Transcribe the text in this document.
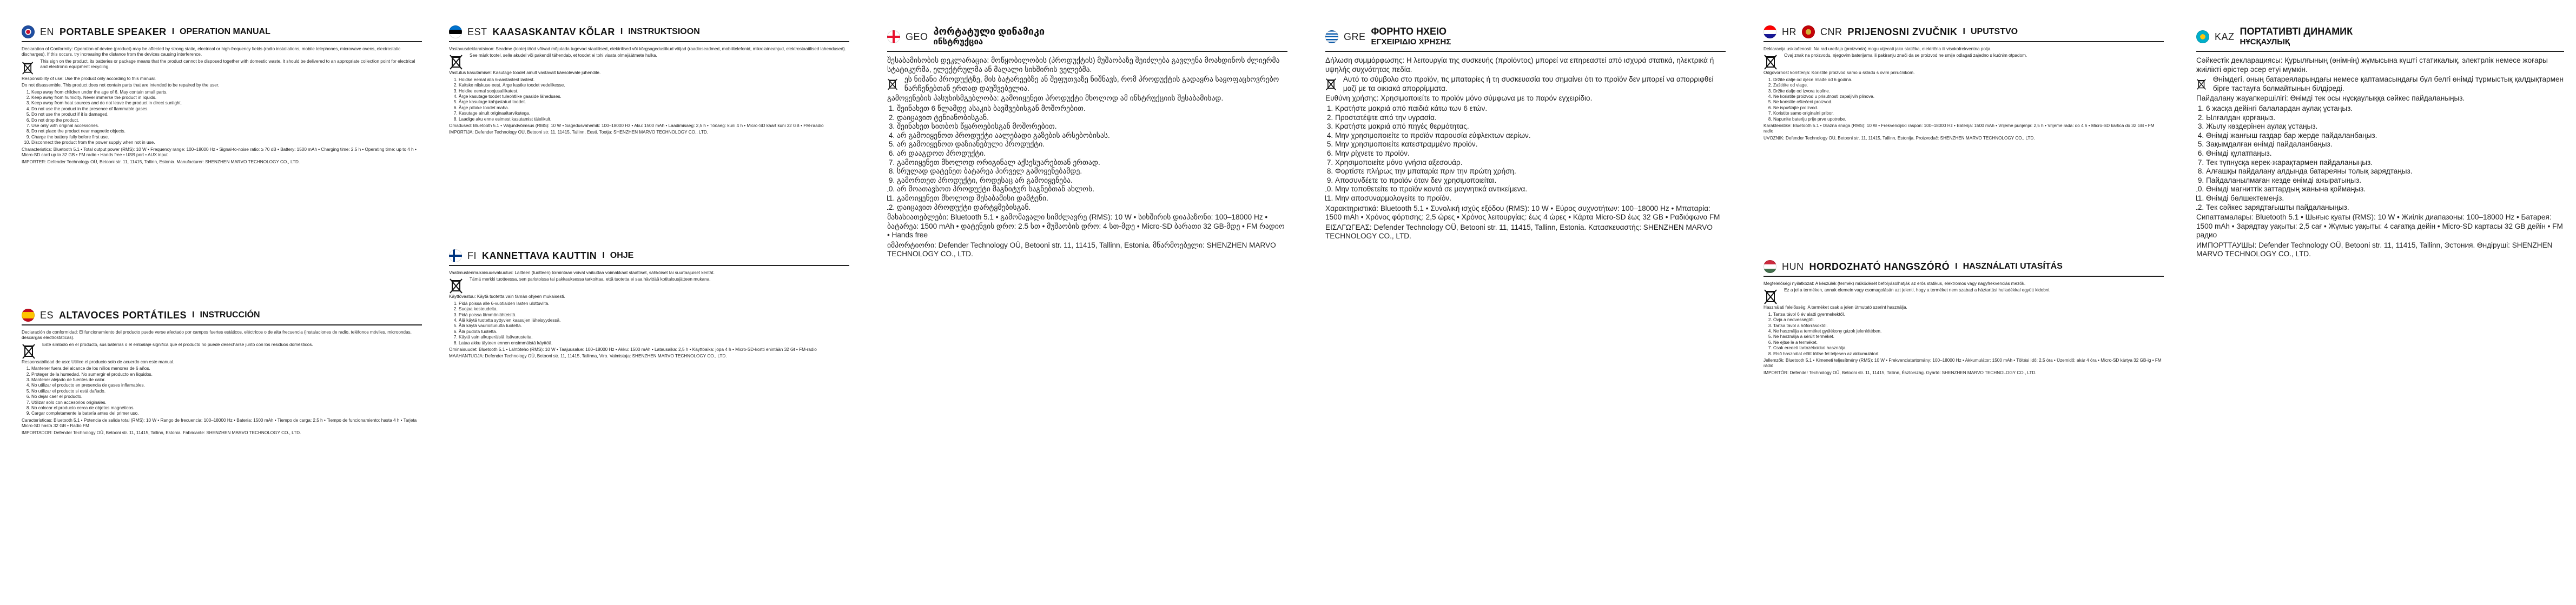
EN PORTABLE SPEAKER I OPERATION MANUAL

Declaration of Conformity: Operation of device (product) may be affected by strong static, electrical or high-frequency fields (radio installations, mobile telephones, microwave ovens, electrostatic discharges). If this occurs, try increasing the distance from the devices causing interference.

This sign on the product, its batteries or package means that the product cannot be disposed together with domestic waste. It should be delivered to an appropriate collection point for electrical and electronic equipment recycling.

Responsibility of use: Use the product only according to this manual.

Do not disassemble. This product does not contain parts that are intended to be repaired by the user.

1. Keep away from children under the age of 6. May contain small parts.
2. Keep away from humidity. Never immerse the product in liquids.
3. Keep away from heat sources and do not leave the product in direct sunlight.
4. Do not use the product in the presence of flammable gases.
5. Do not use the product if it is damaged.
6. Do not drop the product.
7. Use only with original accessories.
8. Do not place the product near magnetic objects.
9. Charge the battery fully before first use.
10. Disconnect the product from the power supply when not in use.

Characteristics: Bluetooth 5.1 • Total output power (RMS): 10 W • Frequency range: 100–18000 Hz • Signal-to-noise ratio: ≥ 70 dB • Battery: 1500 mAh • Charging time: 2.5 h • Operating time: up to 4 h • Micro-SD card up to 32 GB • FM radio • Hands free • USB port • AUX input

IMPORTER: Defender Technology OÜ, Betooni str. 11, 11415, Tallinn, Estonia. Manufacturer: SHENZHEN MARVO TECHNOLOGY CO., LTD.

ES ALTAVOCES PORTÁTILES I INSTRUCCIÓN

Declaración de conformidad: El funcionamiento del producto puede verse afectado por campos fuertes estáticos, eléctricos o de alta frecuencia (instalaciones de radio, teléfonos móviles, microondas, descargas electrostáticas).

Este símbolo en el producto, sus baterías o el embalaje significa que el producto no puede desecharse junto con los residuos domésticos.

Responsabilidad de uso: Utilice el producto solo de acuerdo con este manual.

1. Mantener fuera del alcance de los niños menores de 6 años.
2. Proteger de la humedad. No sumergir el producto en líquidos.
3. Mantener alejado de fuentes de calor.
4. No utilizar el producto en presencia de gases inflamables.
5. No utilizar el producto si está dañado.
6. No dejar caer el producto.
7. Utilizar solo con accesorios originales.
8. No colocar el producto cerca de objetos magnéticos.
9. Cargar completamente la batería antes del primer uso.

Características: Bluetooth 5.1 • Potencia de salida total (RMS): 10 W • Rango de frecuencia: 100–18000 Hz • Batería: 1500 mAh • Tiempo de carga: 2,5 h • Tiempo de funcionamiento: hasta 4 h • Tarjeta Micro-SD hasta 32 GB • Radio FM

IMPORTADOR: Defender Technology OÜ, Betooni str. 11, 11415, Tallinn, Estonia. Fabricante: SHENZHEN MARVO TECHNOLOGY CO., LTD.

EST KAASASKANTAV KÕLAR I INSTRUKTSIOON

Vastavusdeklaratsioon: Seadme (toote) tööd võivad mõjutada tugevad staatilised, elektrilised või kõrgsageduslikud väljad (raadioseadmed, mobiiltelefonid, mikrolaineahjud, elektrostaatilised lahendused).

See märk tootel, selle akudel või pakendil tähendab, et toodet ei tohi visata olmejäätmete hulka.

Vastutus kasutamisel: Kasutage toodet ainult vastavalt käesolevale juhendile.

1. Hoidke eemal alla 6-aastastest lastest.
2. Kaitske niiskuse eest. Ärge kastke toodet vedelikesse.
3. Hoidke eemal soojusallikatest.
4. Ärge kasutage toodet tuleohtlike gaaside läheduses.
5. Ärge kasutage kahjustatud toodet.
6. Ärge pillake toodet maha.
7. Kasutage ainult originaaltarvikutega.
8. Laadige aku enne esimest kasutamist täielikult.

Omadused: Bluetooth 5.1 • Väljundvõimsus (RMS): 10 W • Sagedusvahemik: 100–18000 Hz • Aku: 1500 mAh • Laadimisaeg: 2,5 h • Tööaeg: kuni 4 h • Micro-SD kaart kuni 32 GB • FM-raadio

IMPORTIJA: Defender Technology OÜ, Betooni str. 11, 11415, Tallinn, Eesti. Tootja: SHENZHEN MARVO TECHNOLOGY CO., LTD.

FI KANNETTAVA KAUTTIN I OHJE

Vaatimustenmukaisuusvakuutus: Laitteen (tuotteen) toimintaan voivat vaikuttaa voimakkaat staattiset, sähköiset tai suurtaajuiset kentät.

Tämä merkki tuotteessa, sen paristoissa tai pakkauksessa tarkoittaa, että tuotetta ei saa hävittää kotitalousjätteen mukana.

Käyttövastuu: Käytä tuotetta vain tämän ohjeen mukaisesti.

1. Pidä poissa alle 6-vuotiaiden lasten ulottuvilta.
2. Suojaa kosteudelta.
3. Pidä poissa lämmönlähteistä.
4. Älä käytä tuotetta syttyvien kaasujen läheisyydessä.
5. Älä käytä vaurioitunutta tuotetta.
6. Älä pudota tuotetta.
7. Käytä vain alkuperäisiä lisävarusteita.
8. Lataa akku täyteen ennen ensimmäistä käyttöä.

Ominaisuudet: Bluetooth 5.1 • Lähtöteho (RMS): 10 W • Taajuusalue: 100–18000 Hz • Akku: 1500 mAh • Latausaika: 2,5 h • Käyttöaika: jopa 4 h • Micro-SD-kortti enintään 32 Gt • FM-radio

MAAHANTUOJA: Defender Technology OÜ, Betooni str. 11, 11415, Tallinna, Viro. Valmistaja: SHENZHEN MARVO TECHNOLOGY CO., LTD.

GEO პორტატული დინამიკი
ინსტრუქცია

შესაბამისობის დეკლარაცია: მოწყობილობის (პროდუქტის) მუშაობაზე შეიძლება გავლენა მოახდინოს ძლიერმა სტატიკურმა, ელექტრულმა ან მაღალი სიხშირის ველებმა.

ეს ნიშანი პროდუქტზე, მის ბატარეებზე ან შეფუთვაზე ნიშნავს, რომ პროდუქტის გადაყრა საყოფაცხოვრებო ნარჩენებთან ერთად დაუშვებელია.

გამოყენების პასუხისმგებლობა: გამოიყენეთ პროდუქტი მხოლოდ ამ ინსტრუქციის შესაბამისად.

1. შეინახეთ 6 წლამდე ასაკის ბავშვებისგან მოშორებით.
2. დაიცავით ტენიანობისგან.
3. შეინახეთ სითბოს წყაროებისგან მოშორებით.
4. არ გამოიყენოთ პროდუქტი აალებადი გაზების არსებობისას.
5. არ გამოიყენოთ დაზიანებული პროდუქტი.
6. არ დააგდოთ პროდუქტი.
7. გამოიყენეთ მხოლოდ ორიგინალ აქსესუარებთან ერთად.
8. სრულად დატენეთ ბატარეა პირველ გამოყენებამდე.
9. გამორთეთ პროდუქტი, როდესაც არ გამოიყენება.
10. არ მოათავსოთ პროდუქტი მაგნიტურ საგნებთან ახლოს.
11. გამოიყენეთ მხოლოდ შესაბამისი დამტენი.
12. დაიცავით პროდუქტი დარტყმებისგან.

მახასიათებლები: Bluetooth 5.1 • გამომავალი სიმძლავრე (RMS): 10 W • სიხშირის დიაპაზონი: 100–18000 Hz • ბატარეა: 1500 mAh • დატენვის დრო: 2.5 სთ • მუშაობის დრო: 4 სთ-მდე • Micro-SD ბარათი 32 GB-მდე • FM რადიო • Hands free

იმპორტიორი: Defender Technology OÜ, Betooni str. 11, 11415, Tallinn, Estonia. მწარმოებელი: SHENZHEN MARVO TECHNOLOGY CO., LTD.

GRE ΦΟΡΗΤΟ ΗΧΕΙΟ
ΕΓΧΕΙΡΙΔΙΟ ΧΡΗΣΗΣ

Δήλωση συμμόρφωσης: Η λειτουργία της συσκευής (προϊόντος) μπορεί να επηρεαστεί από ισχυρά στατικά, ηλεκτρικά ή υψηλής συχνότητας πεδία.

Αυτό το σύμβολο στο προϊόν, τις μπαταρίες ή τη συσκευασία του σημαίνει ότι το προϊόν δεν μπορεί να απορριφθεί μαζί με τα οικιακά απορρίμματα.

Ευθύνη χρήσης: Χρησιμοποιείτε το προϊόν μόνο σύμφωνα με το παρόν εγχειρίδιο.

1. Κρατήστε μακριά από παιδιά κάτω των 6 ετών.
2. Προστατέψτε από την υγρασία.
3. Κρατήστε μακριά από πηγές θερμότητας.
4. Μην χρησιμοποιείτε το προϊόν παρουσία εύφλεκτων αερίων.
5. Μην χρησιμοποιείτε κατεστραμμένο προϊόν.
6. Μην ρίχνετε το προϊόν.
7. Χρησιμοποιείτε μόνο γνήσια αξεσουάρ.
8. Φορτίστε πλήρως την μπαταρία πριν την πρώτη χρήση.
9. Αποσυνδέετε το προϊόν όταν δεν χρησιμοποιείται.
10. Μην τοποθετείτε το προϊόν κοντά σε μαγνητικά αντικείμενα.
11. Μην αποσυναρμολογείτε το προϊόν.

Χαρακτηριστικά: Bluetooth 5.1 • Συνολική ισχύς εξόδου (RMS): 10 W • Εύρος συχνοτήτων: 100–18000 Hz • Μπαταρία: 1500 mAh • Χρόνος φόρτισης: 2,5 ώρες • Χρόνος λειτουργίας: έως 4 ώρες • Κάρτα Micro-SD έως 32 GB • Ραδιόφωνο FM

ΕΙΣΑΓΩΓΕΑΣ: Defender Technology OÜ, Betooni str. 11, 11415, Tallinn, Estonia. Κατασκευαστής: SHENZHEN MARVO TECHNOLOGY CO., LTD.

HR CNR PRIJENOSNI ZVUČNIK I UPUTSTVO

Deklaracija usklađenosti: Na rad uređaja (proizvoda) mogu utjecati jaka statička, električna ili visokofrekventna polja.

Ovaj znak na proizvodu, njegovim baterijama ili pakiranju znači da se proizvod ne smije odlagati zajedno s kućnim otpadom.

Odgovornost korištenja: Koristite proizvod samo u skladu s ovim priručnikom.

1. Držite dalje od djece mlađe od 6 godina.
2. Zaštitite od vlage.
3. Držite dalje od izvora topline.
4. Ne koristite proizvod u prisutnosti zapaljivih plinova.
5. Ne koristite oštećeni proizvod.
6. Ne ispuštajte proizvod.
7. Koristite samo originalni pribor.
8. Napunite bateriju prije prve upotrebe.

Karakteristike: Bluetooth 5.1 • Izlazna snaga (RMS): 10 W • Frekvencijski raspon: 100–18000 Hz • Baterija: 1500 mAh • Vrijeme punjenja: 2,5 h • Vrijeme rada: do 4 h • Micro-SD kartica do 32 GB • FM radio

UVOZNIK: Defender Technology OÜ, Betooni str. 11, 11415, Tallinn, Estonija. Proizvođač: SHENZHEN MARVO TECHNOLOGY CO., LTD.

HUN HORDOZHATÓ HANGSZÓRÓ I HASZNÁLATI UTASÍTÁS

Megfelelőségi nyilatkozat: A készülék (termék) működését befolyásolhatják az erős statikus, elektromos vagy nagyfrekvenciás mezők.

Ez a jel a terméken, annak elemein vagy csomagolásán azt jelenti, hogy a terméket nem szabad a háztartási hulladékkal együtt kidobni.

Használati felelősség: A terméket csak a jelen útmutató szerint használja.

1. Tartsa távol 6 év alatti gyermekektől.
2. Óvja a nedvességtől.
3. Tartsa távol a hőforrásoktól.
4. Ne használja a terméket gyúlékony gázok jelenlétében.
5. Ne használja a sérült terméket.
6. Ne ejtse le a terméket.
7. Csak eredeti tartozékokkal használja.
8. Első használat előtt töltse fel teljesen az akkumulátort.

Jellemzők: Bluetooth 5.1 • Kimeneti teljesítmény (RMS): 10 W • Frekvenciatartomány: 100–18000 Hz • Akkumulátor: 1500 mAh • Töltési idő: 2,5 óra • Üzemidő: akár 4 óra • Micro-SD kártya 32 GB-ig • FM rádió

IMPORTŐR: Defender Technology OÜ, Betooni str. 11, 11415, Tallinn, Észtország. Gyártó: SHENZHEN MARVO TECHNOLOGY CO., LTD.

KAZ ПОРТАТИВТІ ДИНАМИК
НҰСҚАУЛЫҚ

Сәйкестік декларациясы: Құрылғының (өнімнің) жұмысына күшті статикалық, электрлік немесе жоғары жиілікті өрістер әсер етуі мүмкін.

Өнімдегі, оның батареяларындағы немесе қаптамасындағы бұл белгі өнімді тұрмыстық қалдықтармен бірге тастауға болмайтынын білдіреді.

Пайдалану жауапкершілігі: Өнімді тек осы нұсқаулыққа сәйкес пайдаланыңыз.

1. 6 жасқа дейінгі балалардан аулақ ұстаңыз.
2. Ылғалдан қорғаңыз.
3. Жылу көздерінен аулақ ұстаңыз.
4. Өнімді жанғыш газдар бар жерде пайдаланбаңыз.
5. Зақымдалған өнімді пайдаланбаңыз.
6. Өнімді құлатпаңыз.
7. Тек түпнұсқа керек-жарақтармен пайдаланыңыз.
8. Алғашқы пайдалану алдында батареяны толық зарядтаңыз.
9. Пайдаланылмаған кезде өнімді ажыратыңыз.
10. Өнімді магниттік заттардың жанына қоймаңыз.
11. Өнімді бөлшектемеңіз.
12. Тек сәйкес зарядтағышты пайдаланыңыз.

Сипаттамалары: Bluetooth 5.1 • Шығыс қуаты (RMS): 10 W • Жиілік диапазоны: 100–18000 Hz • Батарея: 1500 mAh • Зарядтау уақыты: 2,5 сағ • Жұмыс уақыты: 4 сағатқа дейін • Micro-SD картасы 32 GB дейін • FM радио

ИМПОРТТАУШЫ: Defender Technology OÜ, Betooni str. 11, 11415, Tallinn, Эстония. Өндіруші: SHENZHEN MARVO TECHNOLOGY CO., LTD.
